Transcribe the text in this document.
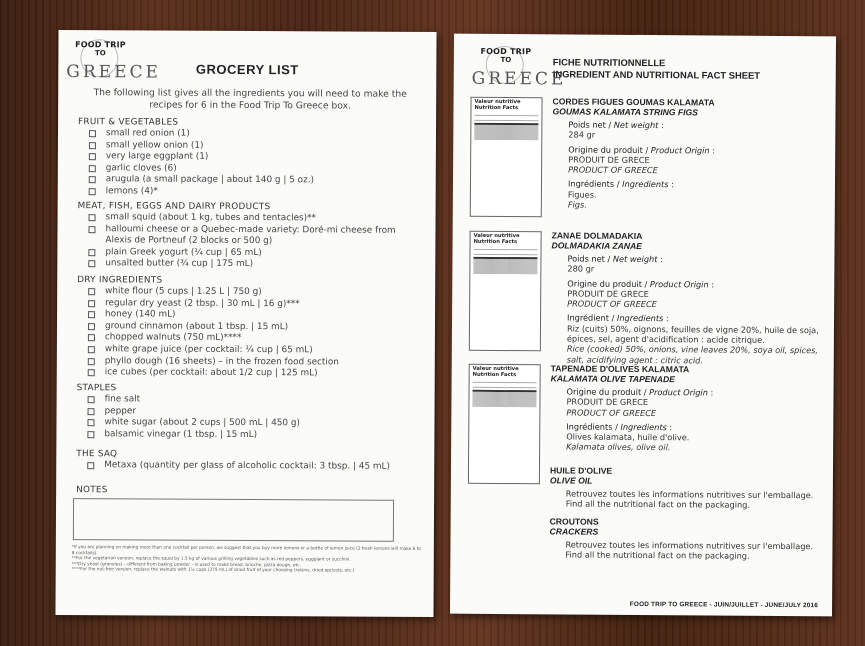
FOOD TRIP
TO
GREECE	GROCERY LIST
The following list gives all the ingredients you will need to make the recipes for 6 in the Food Trip To Greece box.
FRUIT & VEGETABLES
small red onion (1)
small yellow onion (1)
very large eggplant (1)
garlic cloves (6)
arugula (a small package | about 140 g | 5 oz.)
lemons (4)*
MEAT, FISH, EGGS AND DAIRY PRODUCTS
small squid (about 1 kg, tubes and tentacles)**
halloumi cheese or a Quebec-made variety: Doré-mi cheese from Alexis de Portneuf (2 blocks or 500 g)
plain Greek yogurt (¼ cup | 65 mL)
unsalted butter (¾ cup | 175 mL)
DRY INGREDIENTS
white flour (5 cups | 1.25 L | 750 g)
regular dry yeast (2 tbsp. | 30 mL | 16 g)***
honey (140 mL)
ground cinnamon (about 1 tbsp. | 15 mL)
chopped walnuts (750 mL)****
white grape juice (per cocktail: ¼ cup | 65 mL)
phyllo dough (16 sheets) – in the frozen food section
ice cubes (per cocktail: about 1/2 cup | 125 mL)
STAPLES
fine salt
pepper
white sugar (about 2 cups | 500 mL | 450 g)
balsamic vinegar (1 tbsp. | 15 mL)
THE SAQ
Metaxa (quantity per glass of alcoholic cocktail: 3 tbsp. | 45 mL)
NOTES
*If you are planning on making more than one cocktail per person, we suggest that you buy more lemons or a bottle of lemon juice (2 fresh lemons will make 6 to 8 cocktails).
**For the vegetarian version, replace the squid by 1.5 kg of various grilling vegetables such as red peppers, eggplant or zucchini.
***Dry yeast (granules) – different from baking powder – is used to make bread, brioche, pizza dough, etc.
****For the nut-free version, replace the walnuts with 1½ cups (375 mL) of dried fruit of your choosing (raisins, dried apricots, etc.)
FOOD TRIP
TO
GREECE
FICHE NUTRITIONNELLE
INGREDIENT AND NUTRITIONAL FACT SHEET
Valeur nutritive
Nutrition Facts
Valeur nutritive
Nutrition Facts
Valeur nutritive
Nutrition Facts
CORDES FIGUES GOUMAS KALAMATA
GOUMAS KALAMATA STRING FIGS
Poids net / Net weight :
284 gr
Origine du produit / Product Origin :
PRODUIT DE GRECE
PRODUCT OF GREECE
Ingrédients / Ingredients :
Figues.
Figs.
ZANAE DOLMADAKIA
DOLMADAKIA ZANAE
Poids net / Net weight :
280 gr
Origine du produit / Product Origin :
PRODUIT DE GRECE
PRODUCT OF GREECE
Ingrédient / Ingredients :
Riz (cuits) 50%, oignons, feuilles de vigne 20%, huile de soja, épices, sel, agent d'acidification : acide citrique.
Rice (cooked) 50%, onions, vine leaves 20%, soya oil, spices, salt, acidifying agent : citric acid.
TAPENADE D'OLIVES KALAMATA
KALAMATA OLIVE TAPENADE
Origine du produit / Product Origin :
PRODUIT DE GRECE
PRODUCT OF GREECE
Ingrédients / Ingredients :
Olives kalamata, huile d'olive.
Kalamata olives, olive oil.
HUILE D'OLIVE
OLIVE OIL
Retrouvez toutes les informations nutritives sur l'emballage.
Find all the nutritional fact on the packaging.
CROUTONS
CRACKERS
Retrouvez toutes les informations nutritives sur l'emballage.
Find all the nutritional fact on the packaging.
FOOD TRIP TO GREECE - JUIN/JUILLET - JUNE/JULY 2016
